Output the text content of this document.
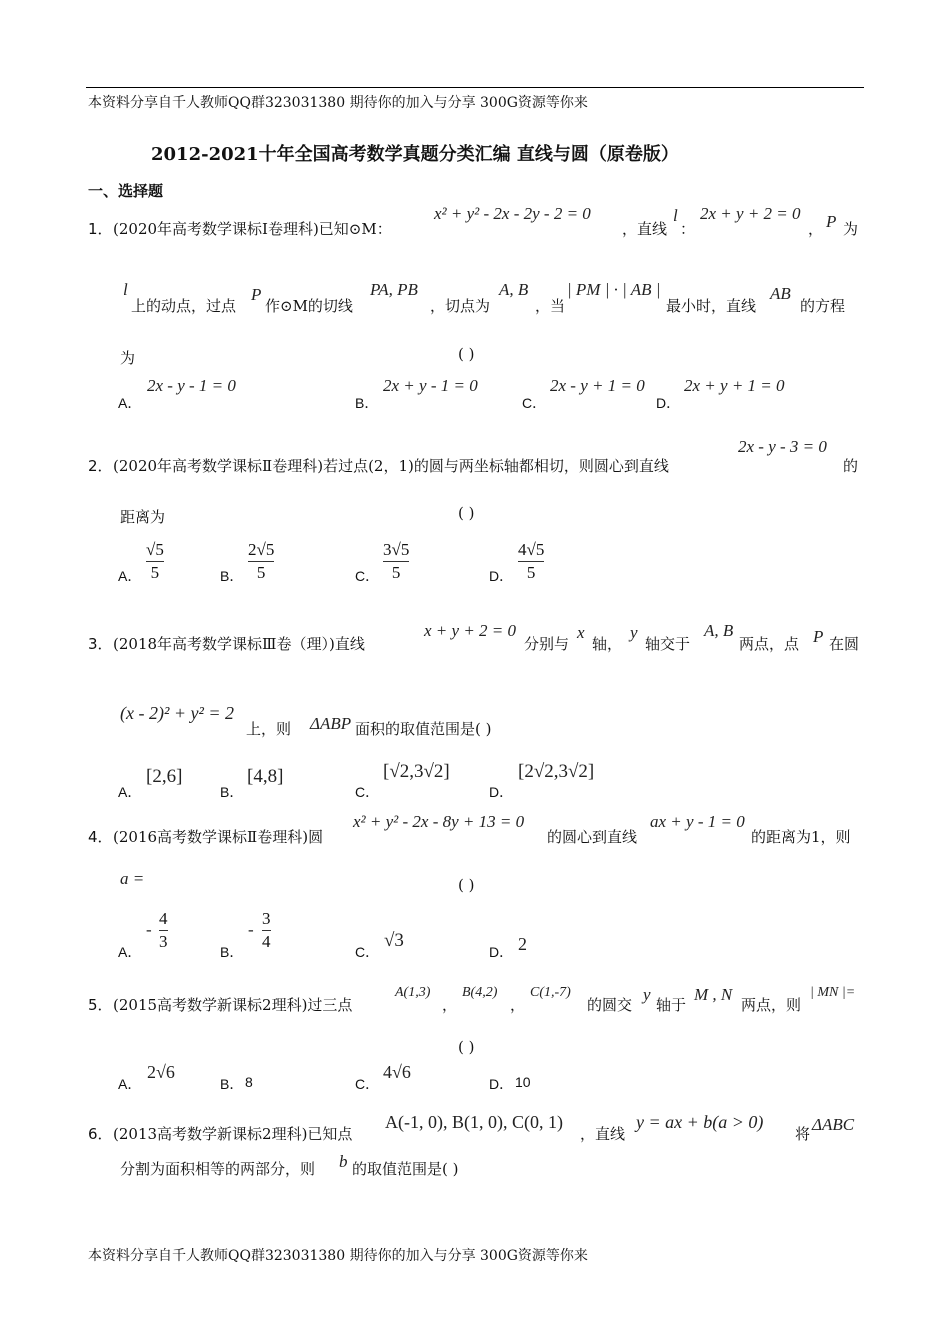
本资料分享自千人教师QQ群323031380 期待你的加入与分享 300G资源等你来
2012-2021十年全国高考数学真题分类汇编 直线与圆（原卷版）
一、选择题
1． (2020年高考数学课标Ⅰ卷理科)已知⊙M：
x² + y² - 2x - 2y - 2 = 0
，直线
l
：
2x + y + 2 = 0
， P 为
l
上的动点，过点
P
作⊙M的切线
PA, PB
，切点为
A, B
，当
| PM | · | AB |
最小时，直线
AB
的方程
为	( )
A．
2x - y - 1 = 0
B．
2x + y - 1 = 0
C．
2x - y + 1 = 0
D．
2x + y + 1 = 0
2． (2020年高考数学课标Ⅱ卷理科)若过点(2，1)的圆与两坐标轴都相切，则圆心到直线
2x - y - 3 = 0
的
距离为	( )
A．
√5
5	B．
2√5
5	C．
3√5
5	D．
4√5
5
3． (2018年高考数学课标Ⅲ卷（理）)直线
x + y + 2 = 0
分别与
x
轴，
y
轴交于
A, B
两点，点 P 在圆
(x - 2)² + y² = 2
上，则 ΔABP 面积的取值范围是( )
A．
[2,6]
B．
[4,8]
C．
[√2,3√2]
D．
[2√2,3√2]
4． (2016高考数学课标Ⅱ卷理科)圆
x² + y² - 2x - 8y + 13 = 0
的圆心到直线
ax + y - 1 = 0
的距离为1，则
a =	( )
A．
-
4
3
B．
-
3
4
C．
√3
D． 2
5． (2015高考数学新课标2理科)过三点
A(1,3)
，
B(4,2)
，
C(1,-7)
的圆交
y
轴于
M , N
两点，则
| MN |=
( )
A．
2√6
B． 8	C．
4√6
D． 10
6． (2013高考数学新课标2理科)已知点
A(-1, 0), B(1, 0), C(0, 1)
，直线
y = ax + b(a > 0)
将 ΔABC
分割为面积相等的两部分，则 b 的取值范围是( )
本资料分享自千人教师QQ群323031380 期待你的加入与分享 300G资源等你来
